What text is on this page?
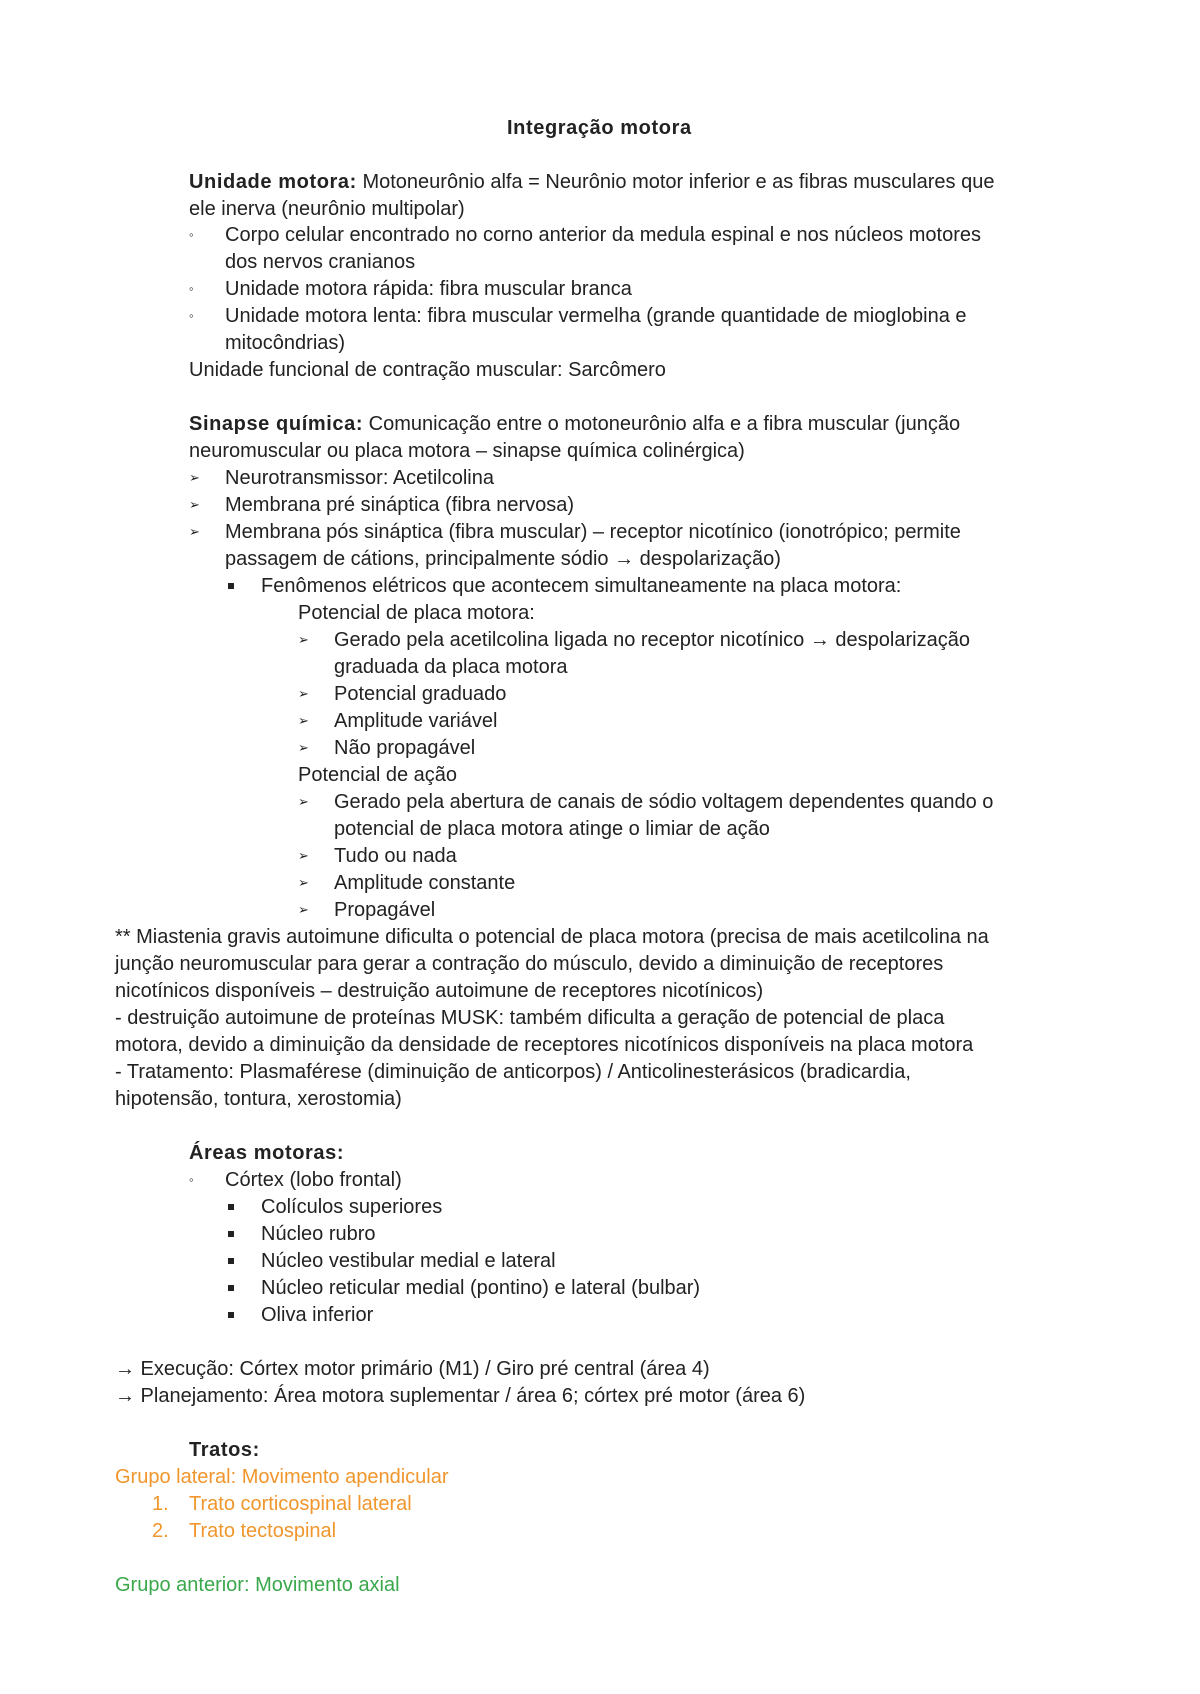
Integração motora
Unidade motora: Motoneurônio alfa = Neurônio motor inferior e as fibras musculares que
ele inerva (neurônio multipolar)
◦ Corpo celular encontrado no corno anterior da medula espinal e nos núcleos motores
dos nervos cranianos
◦ Unidade motora rápida: fibra muscular branca
◦ Unidade motora lenta: fibra muscular vermelha (grande quantidade de mioglobina e
mitocôndrias)
Unidade funcional de contração muscular: Sarcômero
Sinapse química: Comunicação entre o motoneurônio alfa e a fibra muscular (junção
neuromuscular ou placa motora – sinapse química colinérgica)
➢ Neurotransmissor: Acetilcolina
➢ Membrana pré sináptica (fibra nervosa)
➢ Membrana pós sináptica (fibra muscular) – receptor nicotínico (ionotrópico; permite
passagem de cátions, principalmente sódio → despolarização)
Fenômenos elétricos que acontecem simultaneamente na placa motora:
Potencial de placa motora:
➢ Gerado pela acetilcolina ligada no receptor nicotínico → despolarização
graduada da placa motora
➢ Potencial graduado
➢ Amplitude variável
➢ Não propagável
Potencial de ação
➢ Gerado pela abertura de canais de sódio voltagem dependentes quando o
potencial de placa motora atinge o limiar de ação
➢ Tudo ou nada
➢ Amplitude constante
➢ Propagável
** Miastenia gravis autoimune dificulta o potencial de placa motora (precisa de mais acetilcolina na
junção neuromuscular para gerar a contração do músculo, devido a diminuição de receptores
nicotínicos disponíveis – destruição autoimune de receptores nicotínicos)
- destruição autoimune de proteínas MUSK: também dificulta a geração de potencial de placa
motora, devido a diminuição da densidade de receptores nicotínicos disponíveis na placa motora
- Tratamento: Plasmaférese (diminuição de anticorpos) / Anticolinesterásicos (bradicardia,
hipotensão, tontura, xerostomia)
Áreas motoras:
◦ Córtex (lobo frontal)
Colículos superiores
Núcleo rubro
Núcleo vestibular medial e lateral
Núcleo reticular medial (pontino) e lateral (bulbar)
Oliva inferior
→ Execução: Córtex motor primário (M1) / Giro pré central (área 4)
→ Planejamento: Área motora suplementar / área 6; córtex pré motor (área 6)
Tratos:
Grupo lateral: Movimento apendicular
1. Trato corticospinal lateral
2. Trato tectospinal
Grupo anterior: Movimento axial
